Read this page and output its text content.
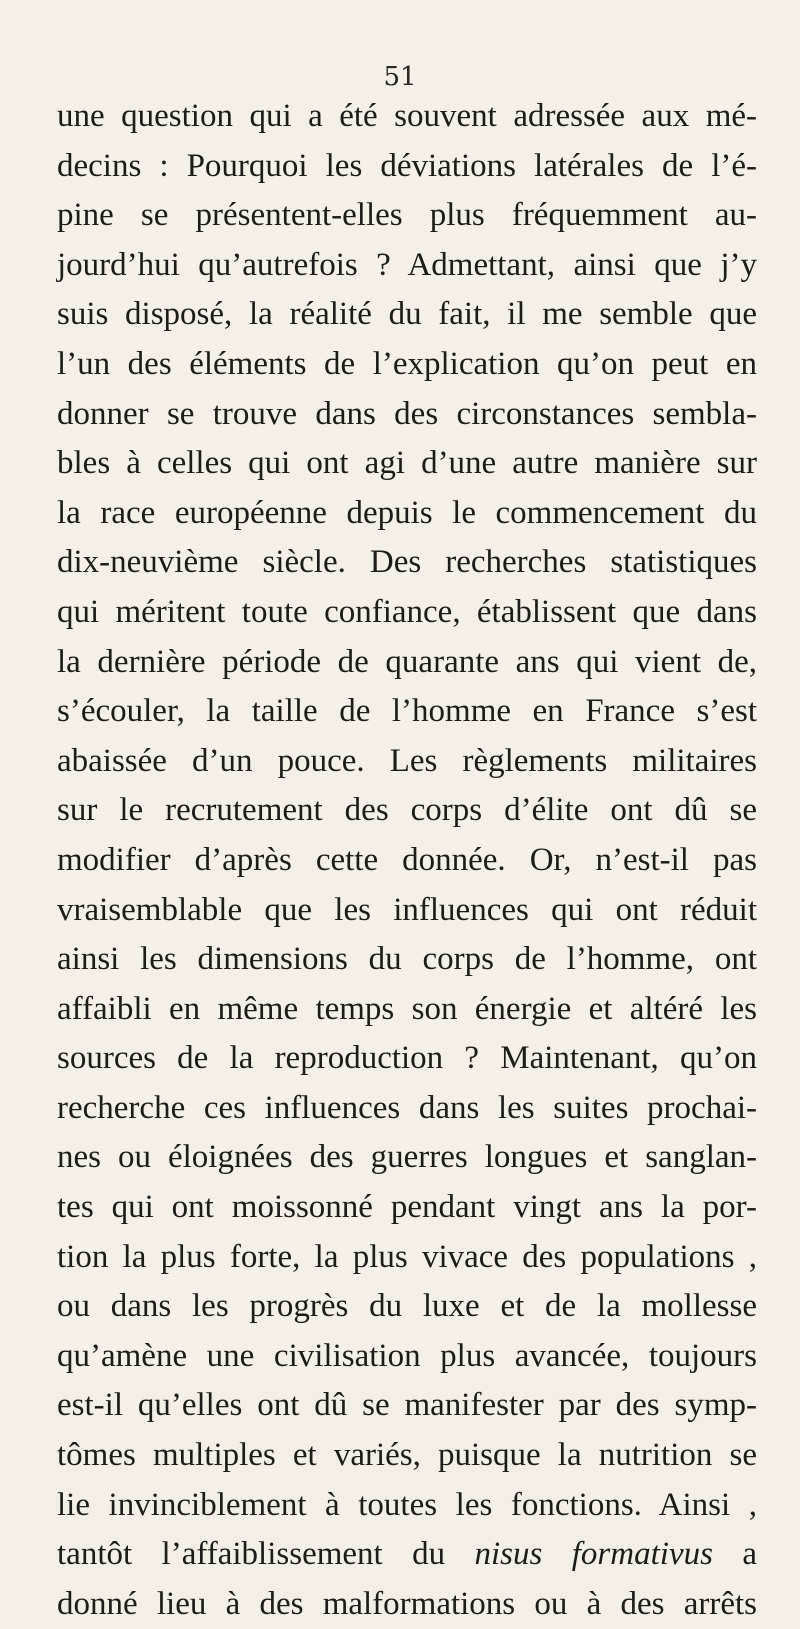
51
une question qui a été souvent adressée aux mé-
decins : Pourquoi les déviations latérales de l’é-
pine se présentent-elles plus fréquemment au-
jourd’hui qu’autrefois ? Admettant, ainsi que j’y
suis disposé, la réalité du fait, il me semble que
l’un des éléments de l’explication qu’on peut en
donner se trouve dans des circonstances sembla-
bles à celles qui ont agi d’une autre manière sur
la race européenne depuis le commencement du
dix-neuvième siècle. Des recherches statistiques
qui méritent toute confiance, établissent que dans
la dernière période de quarante ans qui vient de,
s’écouler, la taille de l’homme en France s’est
abaissée d’un pouce. Les règlements militaires
sur le recrutement des corps d’élite ont dû se
modifier d’après cette donnée. Or, n’est-il pas
vraisemblable que les influences qui ont réduit
ainsi les dimensions du corps de l’homme, ont
affaibli en même temps son énergie et altéré les
sources de la reproduction ? Maintenant, qu’on
recherche ces influences dans les suites prochai-
nes ou éloignées des guerres longues et sanglan-
tes qui ont moissonné pendant vingt ans la por-
tion la plus forte, la plus vivace des populations ,
ou dans les progrès du luxe et de la mollesse
qu’amène une civilisation plus avancée, toujours
est-il qu’elles ont dû se manifester par des symp-
tômes multiples et variés, puisque la nutrition se
lie invinciblement à toutes les fonctions. Ainsi ,
tantôt l’affaiblissement du nisus formativus a
donné lieu à des malformations ou à des arrêts
